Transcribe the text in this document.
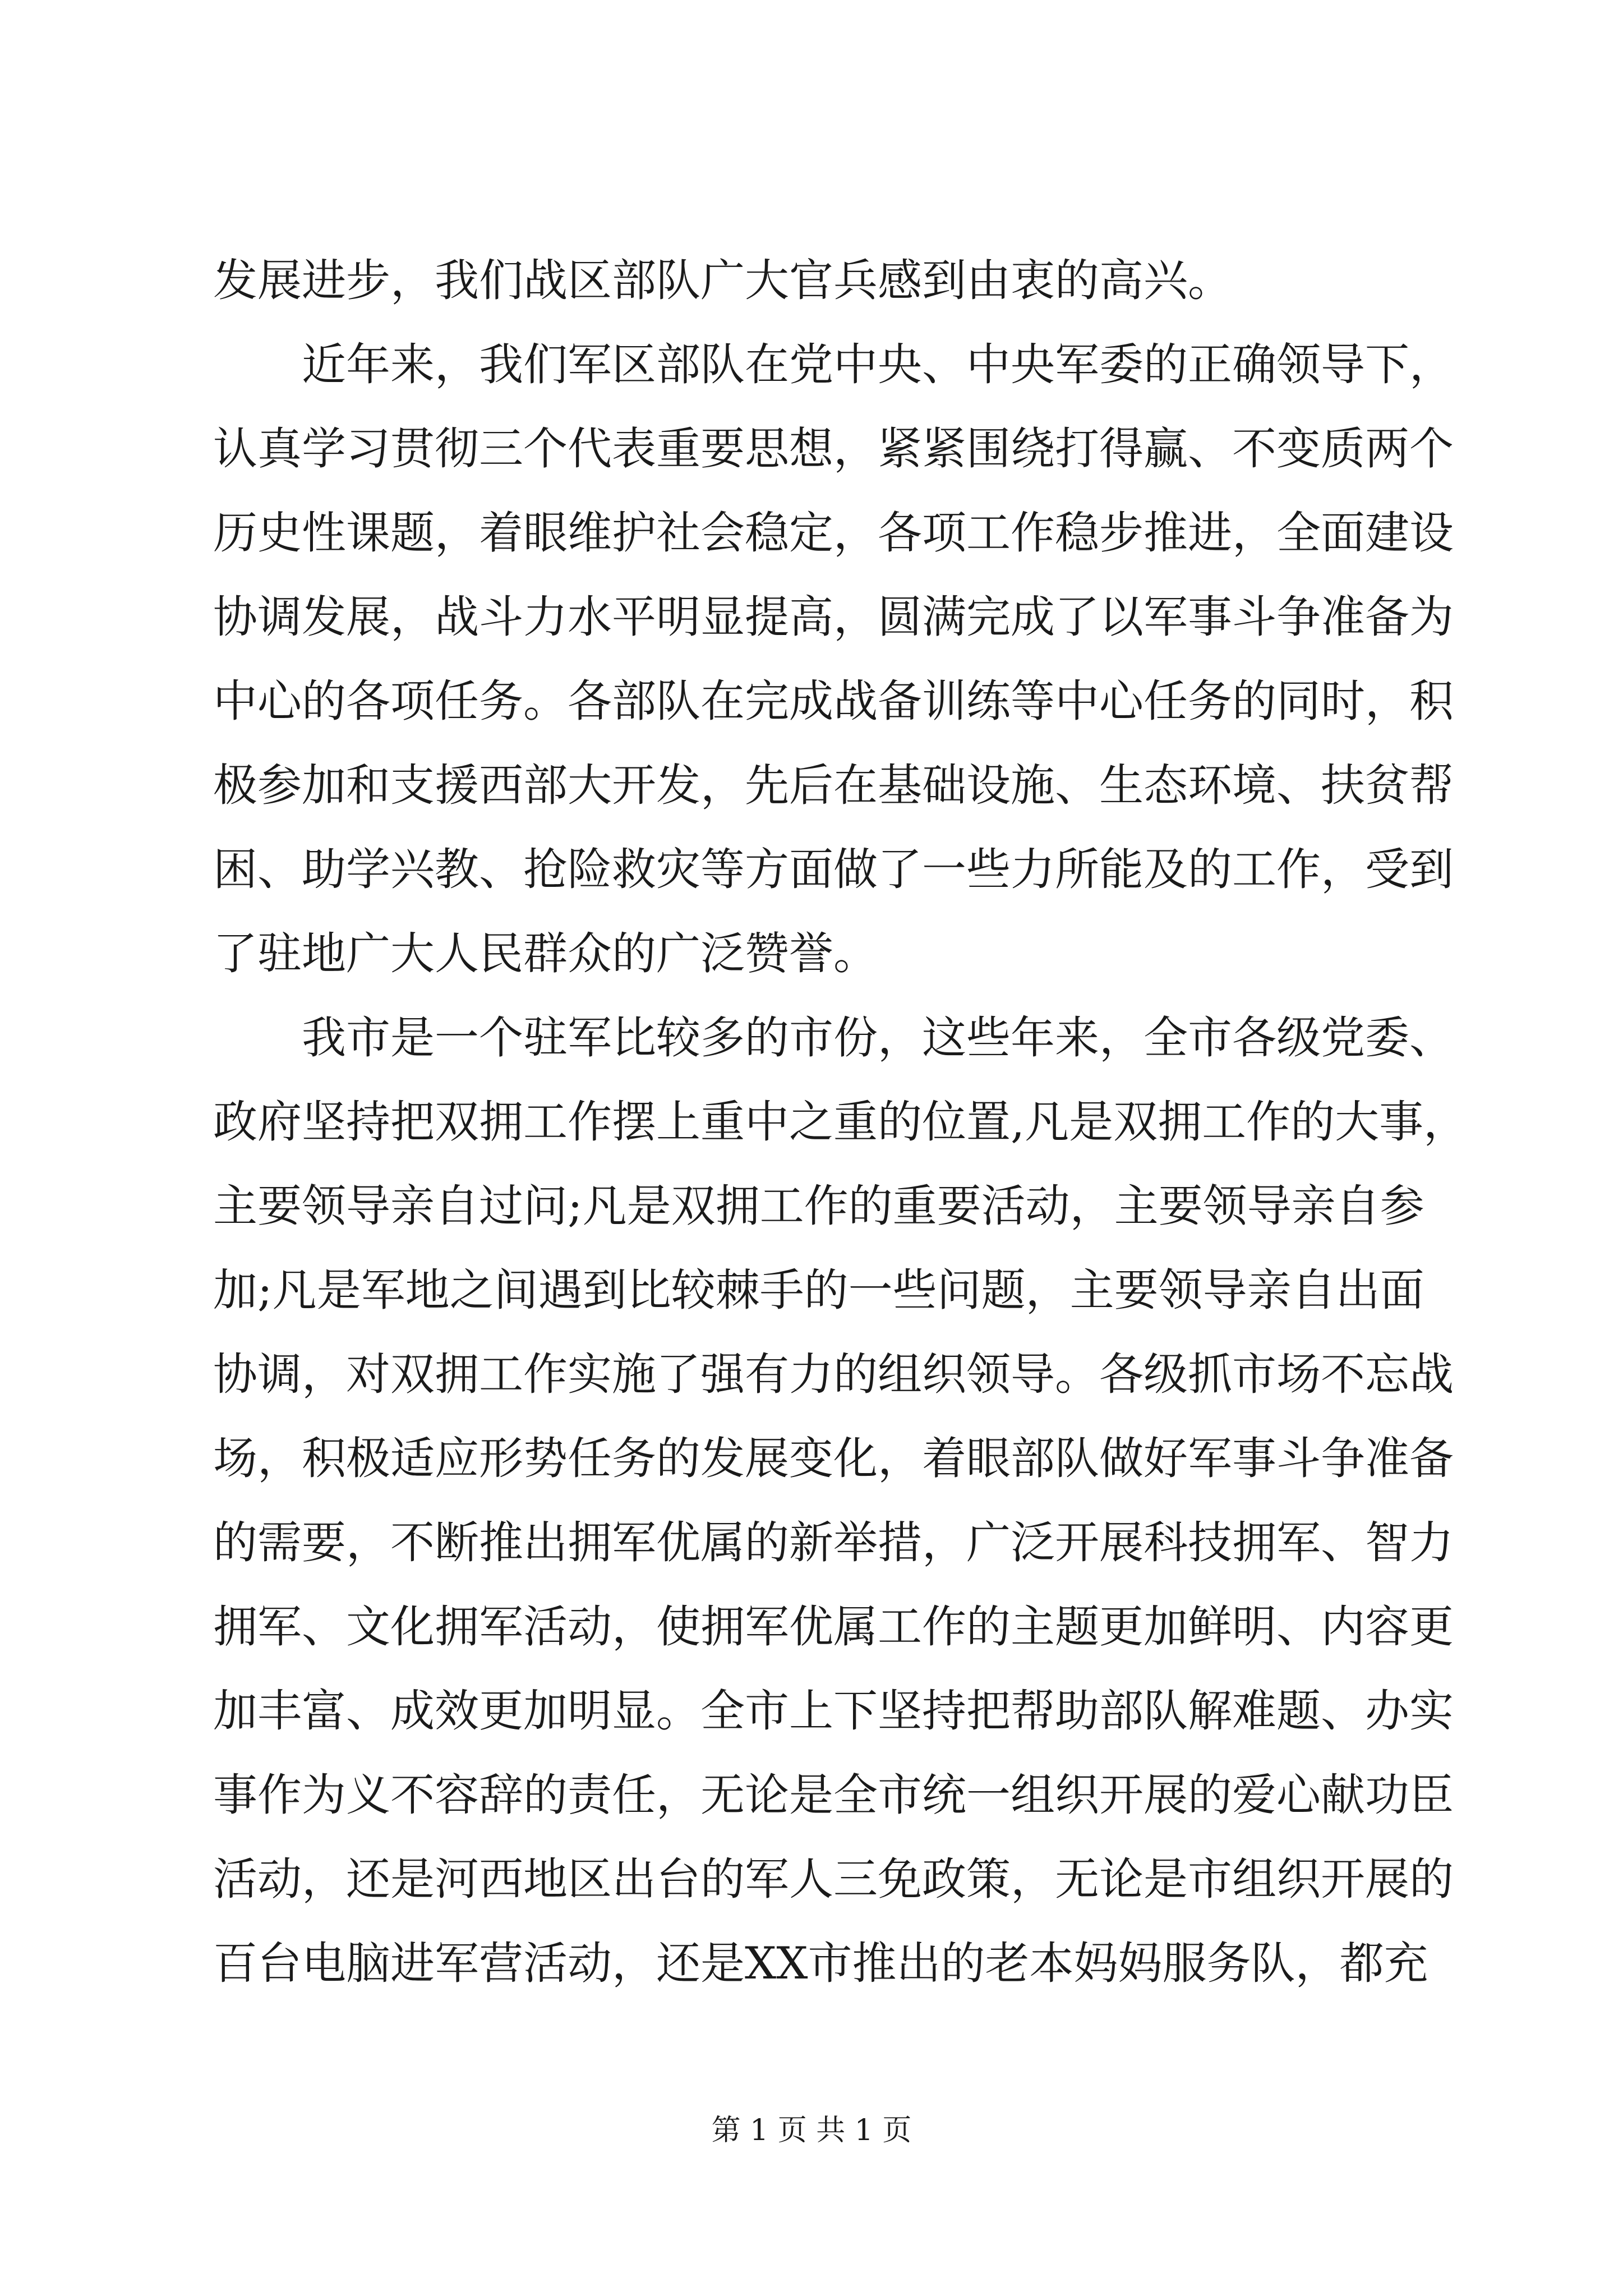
发展进步，我们战区部队广大官兵感到由衷的高兴。
近年来，我们军区部队在党中央、中央军委的正确领导下，
认真学习贯彻三个代表重要思想，紧紧围绕打得赢、不变质两个
历史性课题，着眼维护社会稳定，各项工作稳步推进，全面建设
协调发展，战斗力水平明显提高，圆满完成了以军事斗争准备为
中心的各项任务。各部队在完成战备训练等中心任务的同时，积
极参加和支援西部大开发，先后在基础设施、生态环境、扶贫帮
困、助学兴教、抢险救灾等方面做了一些力所能及的工作，受到
了驻地广大人民群众的广泛赞誉。
我市是一个驻军比较多的市份，这些年来，全市各级党委、
政府坚持把双拥工作摆上重中之重的位置,凡是双拥工作的大事，
主要领导亲自过问;凡是双拥工作的重要活动，主要领导亲自参
加;凡是军地之间遇到比较棘手的一些问题，主要领导亲自出面
协调，对双拥工作实施了强有力的组织领导。各级抓市场不忘战
场，积极适应形势任务的发展变化，着眼部队做好军事斗争准备
的需要，不断推出拥军优属的新举措，广泛开展科技拥军、智力
拥军、文化拥军活动，使拥军优属工作的主题更加鲜明、内容更
加丰富、成效更加明显。全市上下坚持把帮助部队解难题、办实
事作为义不容辞的责任，无论是全市统一组织开展的爱心献功臣
活动，还是河西地区出台的军人三免政策，无论是市组织开展的
百台电脑进军营活动，还是XX市推出的老本妈妈服务队，都充
第 1 页 共 1 页
